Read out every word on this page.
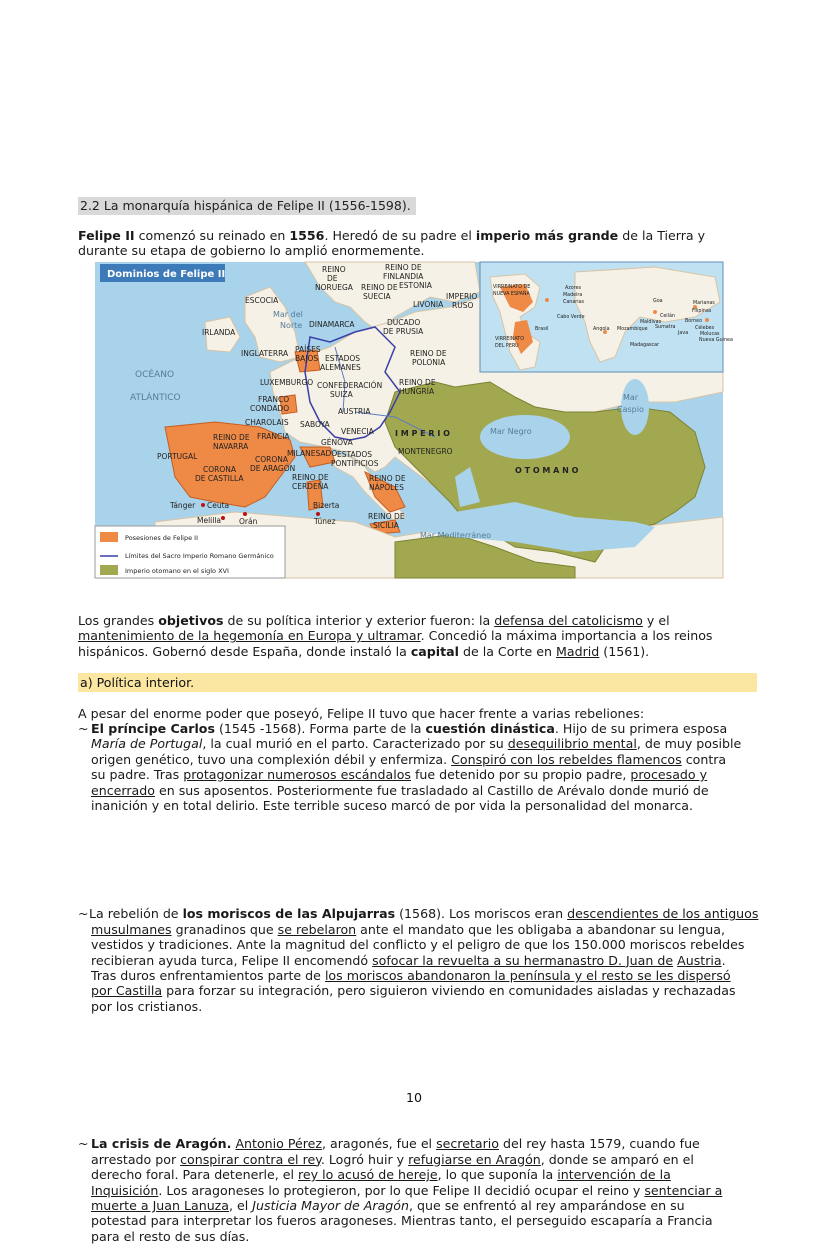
2.2 La monarquía hispánica de Felipe II (1556-1598).
Felipe II comenzó su reinado en 1556. Heredó de su padre el imperio más grande de la Tierra y
durante su etapa de gobierno lo amplió enormemente.
Dominios de Felipe II
OCÉANO
ATLÁNTICO
Mar del
Norte
Mar Negro
Mar
Caspio
Mar Mediterráneo
I M P E R I O
O T O M A N O
IRLANDA
ESCOCIA
INGLATERRA
REINO
DE
NORUEGA REINO DE
SUECIA
REINO DE
FINLANDIA
ESTONIA
LIVONIA
IMPERIO
RUSO
DINAMARCA	DUCADO
DE PRUSIA
REINO DE
POLONIA
PAÍSES
BAJOS ESTADOS
ALEMANES
LUXEMBURGO CONFEDERACIÓN
SUIZA
REINO DE
HUNGRÍA
FRANCO
CONDADO	AUSTRIA
CHAROLAIS
FRANCIA
SABOYA
VENECIA
REINO DE
NAVARRA	GÉNOVA
PORTUGAL	MILANESADO ESTADOS
PONTIFICIOS
MONTENEGRO
CORONA
DE CASTILLA
CORONA
DE ARAGÓN
REINO DE
CERDEÑA
REINO DE
NÁPOLES
Tánger Ceuta	Bizerta
Melilla Orán	Túnez
REINO DE
SICILIA
VIRREINATO DE
NUEVA ESPAÑA
VIRREINATO
DEL PERÚ
Azores
Madeira
Canarias
Cabo Verde
Brasil	Angola Mozambique
Goa
Maldivas
Madagascar
Ceilán
Filipinas
Marianas
Sumatra
Borneo
Célebes
Java Molucas
Nueva Guinea
Posesiones de Felipe II
Límites del Sacro Imperio Romano Germánico
Imperio otomano en el siglo XVI
Los grandes objetivos de su política interior y exterior fueron: la defensa del catolicismo y el
mantenimiento de la hegemonía en Europa y ultramar. Concedió la máxima importancia a los reinos
hispánicos. Gobernó desde España, donde instaló la capital de la Corte en Madrid (1561).
a) Política interior.
A pesar del enorme poder que poseyó, Felipe II tuvo que hacer frente a varias rebeliones:
~ El príncipe Carlos (1545 -1568). Forma parte de la cuestión dinástica. Hijo de su primera esposa
María de Portugal, la cual murió en el parto. Caracterizado por su desequilibrio mental, de muy posible
origen genético, tuvo una complexión débil y enfermiza. Conspiró con los rebeldes flamencos contra
su padre. Tras protagonizar numerosos escándalos fue detenido por su propio padre, procesado y
encerrado en sus aposentos. Posteriormente fue trasladado al Castillo de Arévalo donde murió de
inanición y en total delirio. Este terrible suceso marcó de por vida la personalidad del monarca.
~ La rebelión de los moriscos de las Alpujarras (1568). Los moriscos eran descendientes de los antiguos
musulmanes granadinos que se rebelaron ante el mandato que les obligaba a abandonar su lengua,
vestidos y tradiciones. Ante la magnitud del conflicto y el peligro de que los 150.000 moriscos rebeldes
recibieran ayuda turca, Felipe II encomendó sofocar la revuelta a su hermanastro D. Juan de Austria.
Tras duros enfrentamientos parte de los moriscos abandonaron la península y el resto se les dispersó
por Castilla para forzar su integración, pero siguieron viviendo en comunidades aisladas y rechazadas
por los cristianos.
~ La crisis de Aragón. Antonio Pérez, aragonés, fue el secretario del rey hasta 1579, cuando fue
arrestado por conspirar contra el rey. Logró huir y refugiarse en Aragón, donde se amparó en el
derecho foral. Para detenerle, el rey lo acusó de hereje, lo que suponía la intervención de la
Inquisición. Los aragoneses lo protegieron, por lo que Felipe II decidió ocupar el reino y sentenciar a
muerte a Juan Lanuza, el Justicia Mayor de Aragón, que se enfrentó al rey amparándose en su
potestad para interpretar los fueros aragoneses. Mientras tanto, el perseguido escaparía a Francia
para el resto de sus días.
10
